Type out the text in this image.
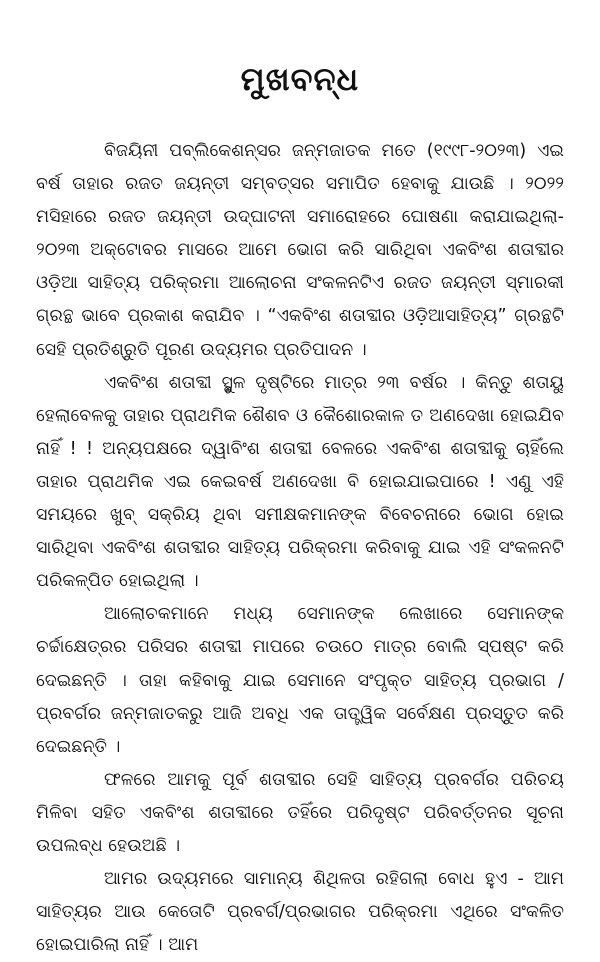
ମୁଖବନ୍ଧ

ବିଜୟିନୀ ପବ୍ଲିକେଶନ୍ସର ଜନ୍ମଜାତକ ମତେ (୧୯୯୮-୨୦୨୩) ଏଇ ବର୍ଷ ତାହାର ରଜତ ଜୟନ୍ତୀ ସମ୍ବତ୍ସର ସମାପିତ ହେବାକୁ ଯାଉଛି । ୨୦୨୨ ମସିହାରେ ରଜତ ଜୟନ୍ତୀ ଉଦ୍‌ଘାଟନୀ ସମାରୋହରେ ଘୋଷଣା କରାଯାଇଥିଲା- ୨୦୨୩ ଅକ୍ଟୋବର ମାସରେ ଆମେ ଭୋଗ କରି ସାରିଥିବା ଏକବିଂଶ ଶତାବ୍ଦୀର ଓଡ଼ିଆ ସାହିତ୍ୟ ପରିକ୍ରମା ଆଲୋଚନା ସଂକଳନଟିଏ ରଜତ ଜୟନ୍ତୀ ସ୍ମାରକୀ ଗ୍ରନ୍ଥ ଭାବେ ପ୍ରକାଶ କରାଯିବ । “ଏକବିଂଶ ଶତାବ୍ଦୀର ଓଡ଼ିଆସାହିତ୍ୟ” ଗ୍ରନ୍ଥଟି ସେହି ପ୍ରତିଶ୍ରୁତି ପୂରଣ ଉଦ୍ୟମର ପ୍ରତିପାଦନ ।

ଏକବିଂଶ ଶତାବ୍ଦୀ ସ୍ଥୁଳ ଦୃଷ୍ଟିରେ ମାତ୍ର ୨୩ ବର୍ଷର । କିନ୍ତୁ ଶତାୟୁ ହେଲାବେଳକୁ ତାହାର ପ୍ରାଥମିକ ଶୈଶବ ଓ କୈଶୋରକାଳ ତ ଅଣଦେଖା ହୋଇଯିବ ନାହିଁ ! ! ଅନ୍ୟପକ୍ଷରେ ଦ୍ୱାବିଂଶ ଶତାବ୍ଦୀ ବେଳରେ ଏକବିଂଶ ଶତାବ୍ଦୀକୁ ଚାହିଁଲେ ତାହାର ପ୍ରାଥମିକ ଏଇ କେଇବର୍ଷ ଅଣଦେଖା ବି ହୋଇଯାଇପାରେ ! ଏଣୁ ଏହି ସମୟରେ ଖୁବ୍ ସକ୍ରିୟ ଥିବା ସମୀକ୍ଷକମାନଙ୍କ ବିବେଚନାରେ ଭୋଗ ହୋଇ ସାରିଥିବା ଏକବିଂଶ ଶତାବ୍ଦୀର ସାହିତ୍ୟ ପରିକ୍ରମା କରିବାକୁ ଯାଇ ଏହି ସଂକଳନଟି ପରିକଳ୍ପିତ ହୋଇଥିଲା ।

ଆଲୋଚକମାନେ ମଧ୍ୟ ସେମାନଙ୍କ ଲେଖାରେ ସେମାନଙ୍କ ଚର୍ଚ୍ଚାକ୍ଷେତ୍ରର ପରିସର ଶତାବ୍ଦୀ ମାପରେ ଚଉଠେ ମାତ୍ର ବୋଲି ସ୍ପଷ୍ଟ କରି ଦେଇଛନ୍ତି । ତାହା କହିବାକୁ ଯାଇ ସେମାନେ ସଂପୃକ୍ତ ସାହିତ୍ୟ ପ୍ରଭାଗ / ପ୍ରବର୍ଗର ଜନ୍ମଜାତକରୁ ଆଜି ଅବଧି ଏକ ତାତ୍ତ୍ୱିକ ସର୍ବେକ୍ଷଣ ପ୍ରସ୍ତୁତ କରି ଦେଇଛନ୍ତି ।

ଫଳରେ ଆମକୁ ପୂର୍ବ ଶତାବ୍ଦୀର ସେହି ସାହିତ୍ୟ ପ୍ରବର୍ଗର ପରିଚୟ ମିଳିବା ସହିତ ଏକବିଂଶ ଶତାବ୍ଦୀରେ ତହିଁରେ ପରିଦୃଷ୍ଟ ପରିବର୍ତ୍ତନର ସୂଚନା ଉପଲବ୍ଧ ହେଉଅଛି ।

ଆମର ଉଦ୍ୟମରେ ସାମାନ୍ୟ ଶିଥିଳତା ରହିଗଲା ବୋଧ ହୁଏ - ଆମ ସାହିତ୍ୟର ଆଉ କେତୋଟି ପ୍ରବର୍ଗ/ପ୍ରଭାଗର ପରିକ୍ରମା ଏଥିରେ ସଂକଳିତ ହୋଇପାରିଲା ନାହିଁ । ଆମ
